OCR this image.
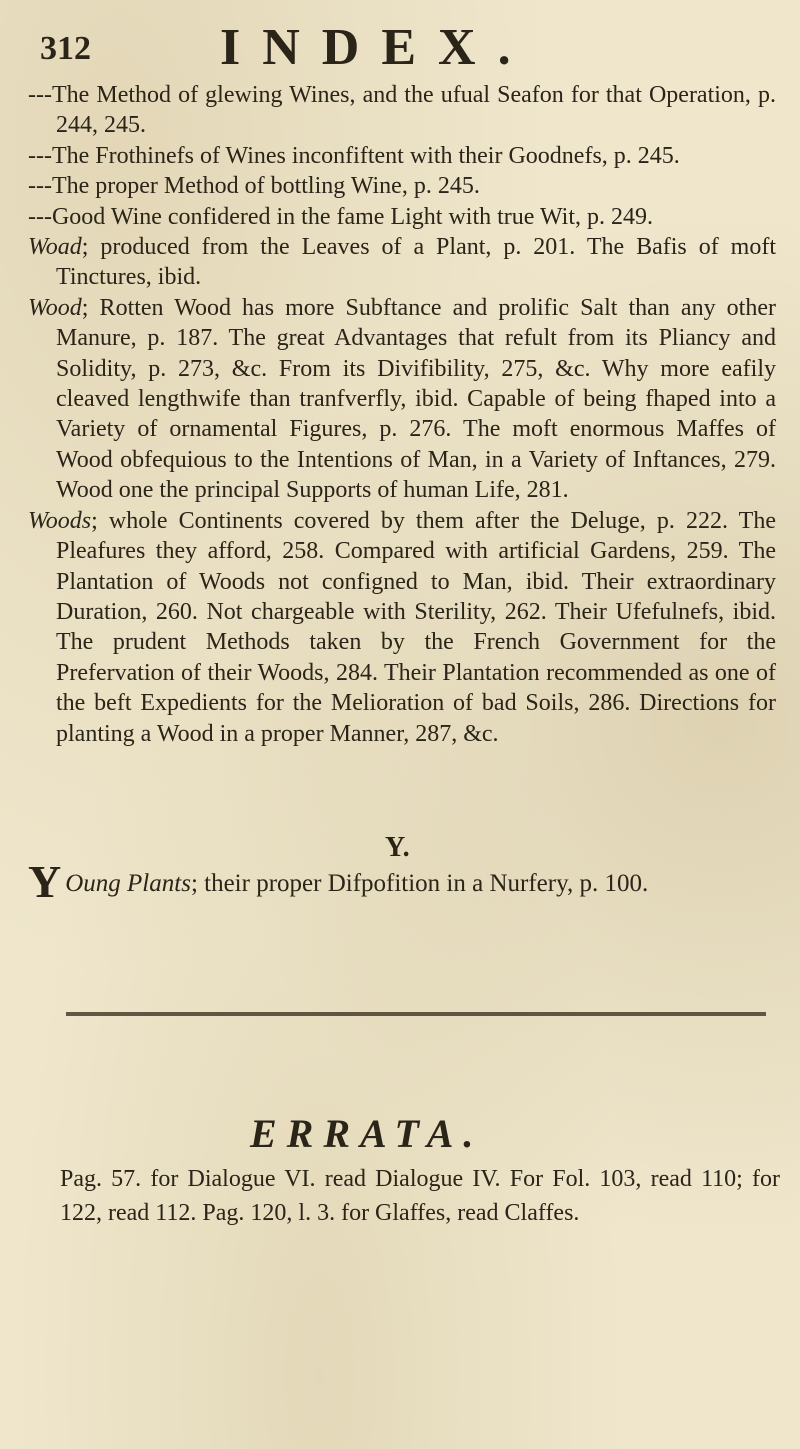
312 INDEX.

---The Method of glewing Wines, and the ufual Seafon for that Operation, p. 244, 245.

---The Frothinefs of Wines inconfiftent with their Goodnefs, p. 245.

---The proper Method of bottling Wine, p. 245.

---Good Wine confidered in the fame Light with true Wit, p. 249.

Woad; produced from the Leaves of a Plant, p. 201. The Bafis of moft Tinctures, ibid.

Wood; Rotten Wood has more Subftance and prolific Salt than any other Manure, p. 187. The great Advantages that refult from its Pliancy and Solidity, p. 273, &c. From its Divifibility, 275, &c. Why more eafily cleaved lengthwife than tranfverfly, ibid. Capable of being fhaped into a Variety of ornamental Figures, p. 276. The moft enormous Maffes of Wood obfequious to the Intentions of Man, in a Variety of Inftances, 279. Wood one the principal Supports of human Life, 281.

Woods; whole Continents covered by them after the Deluge, p. 222. The Pleafures they afford, 258. Compared with artificial Gardens, 259. The Plantation of Woods not configned to Man, ibid. Their extraordinary Duration, 260. Not chargeable with Sterility, 262. Their Ufefulnefs, ibid. The prudent Methods taken by the French Government for the Prefervation of their Woods, 284. Their Plantation recommended as one of the beft Expedients for the Melioration of bad Soils, 286. Directions for planting a Wood in a proper Manner, 287, &c.

Y.
Y Oung Plants; their proper Difpofition in a Nurfery, p. 100.
ERRATA.
Pag. 57. for Dialogue VI. read Dialogue IV. For Fol. 103, read 110; for 122, read 112. Pag. 120, l. 3. for Glaffes, read Claffes.
